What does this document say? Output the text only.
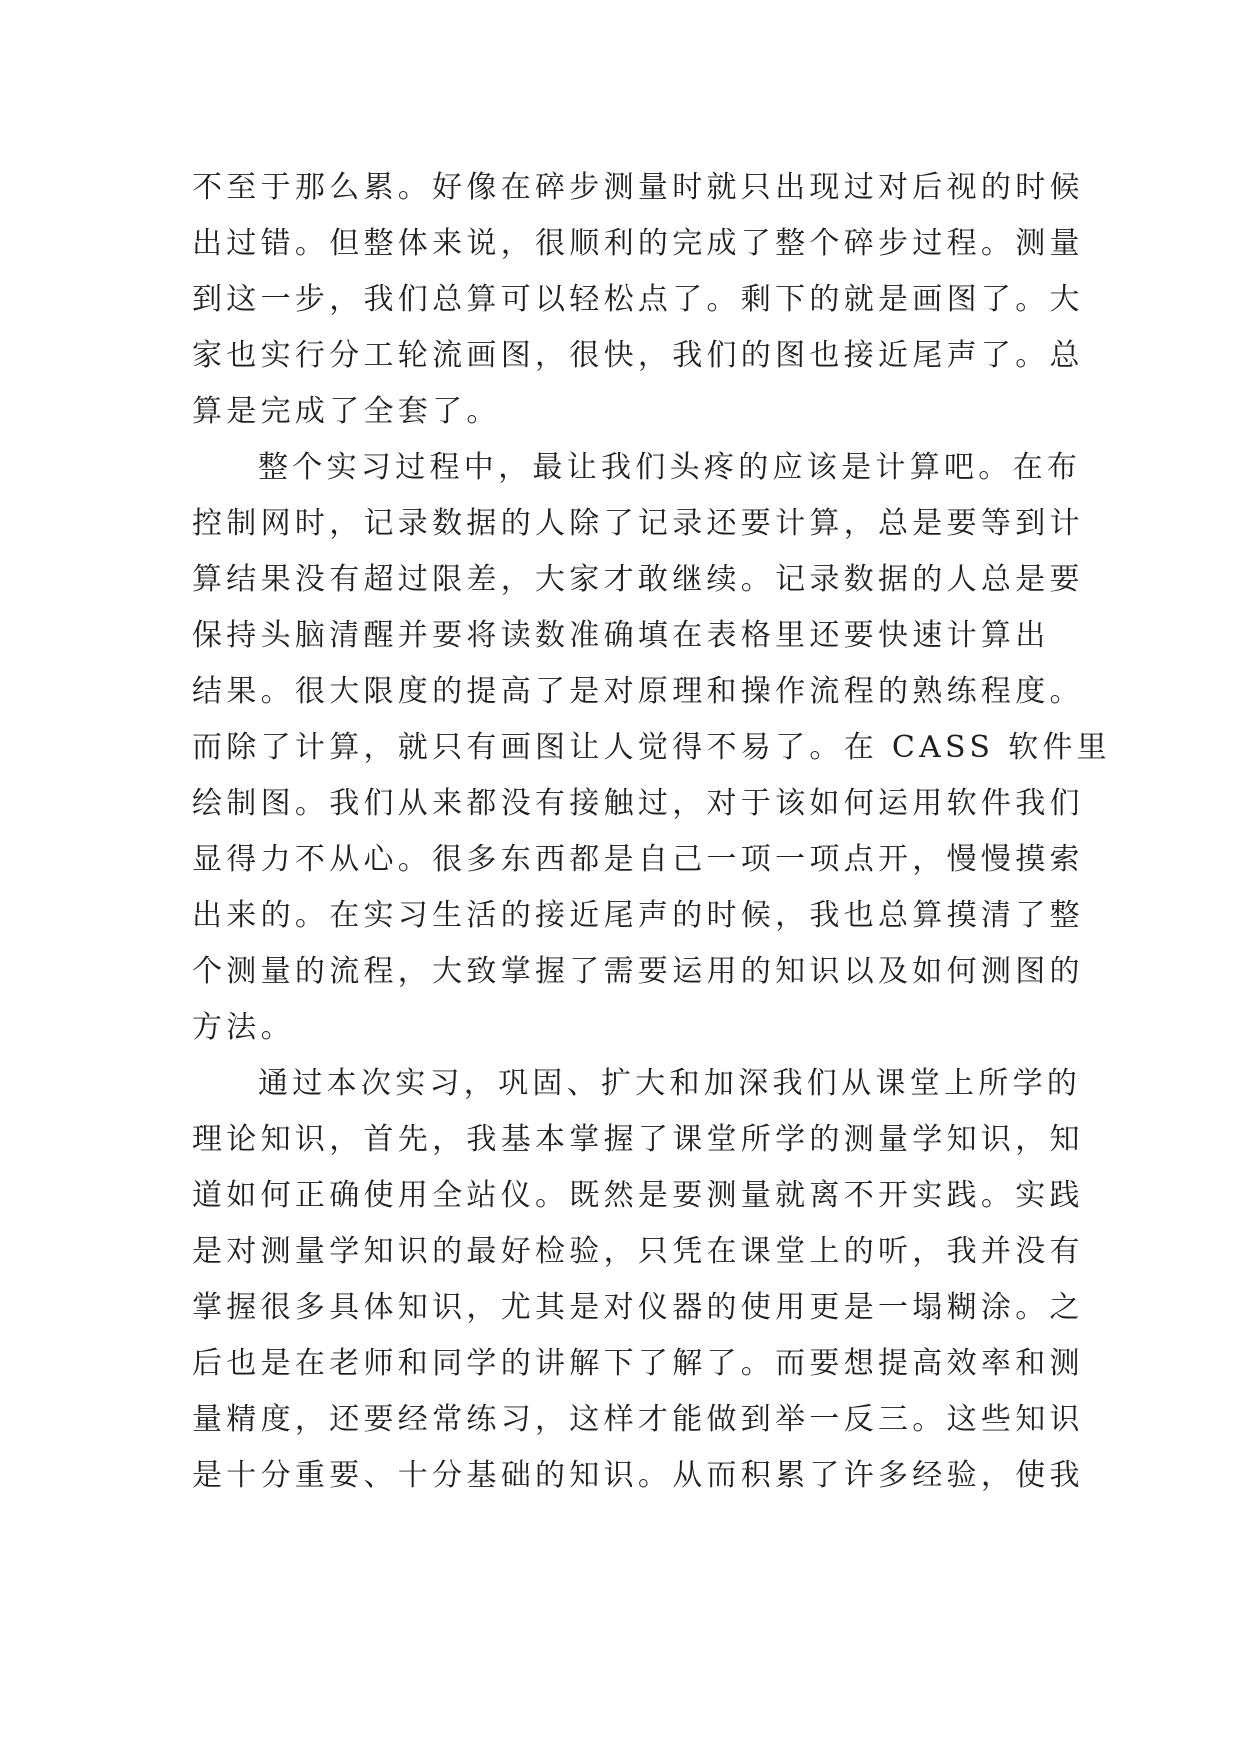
不至于那么累。好像在碎步测量时就只出现过对后视的时候
出过错。但整体来说，很顺利的完成了整个碎步过程。测量
到这一步，我们总算可以轻松点了。剩下的就是画图了。大
家也实行分工轮流画图，很快，我们的图也接近尾声了。总
算是完成了全套了。
整个实习过程中，最让我们头疼的应该是计算吧。在布
控制网时，记录数据的人除了记录还要计算，总是要等到计
算结果没有超过限差，大家才敢继续。记录数据的人总是要
保持头脑清醒并要将读数准确填在表格里还要快速计算出
结果。很大限度的提高了是对原理和操作流程的熟练程度。
而除了计算，就只有画图让人觉得不易了。在 CASS 软件里
绘制图。我们从来都没有接触过，对于该如何运用软件我们
显得力不从心。很多东西都是自己一项一项点开，慢慢摸索
出来的。在实习生活的接近尾声的时候，我也总算摸清了整
个测量的流程，大致掌握了需要运用的知识以及如何测图的
方法。
通过本次实习，巩固、扩大和加深我们从课堂上所学的
理论知识，首先，我基本掌握了课堂所学的测量学知识，知
道如何正确使用全站仪。既然是要测量就离不开实践。实践
是对测量学知识的最好检验，只凭在课堂上的听，我并没有
掌握很多具体知识，尤其是对仪器的使用更是一塌糊涂。之
后也是在老师和同学的讲解下了解了。而要想提高效率和测
量精度，还要经常练习，这样才能做到举一反三。这些知识
是十分重要、十分基础的知识。从而积累了许多经验，使我
